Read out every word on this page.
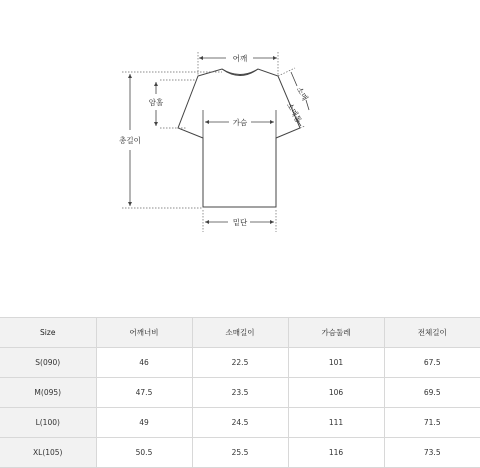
어깨
가슴
밑단
암홀
총길이
소매
소매통
Size	어깨너비	소매길이	가슴둘레	전체길이
S(090)	46	22.5	101	67.5
M(095)	47.5	23.5	106	69.5
L(100)	49	24.5	111	71.5
XL(105)	50.5	25.5	116	73.5
